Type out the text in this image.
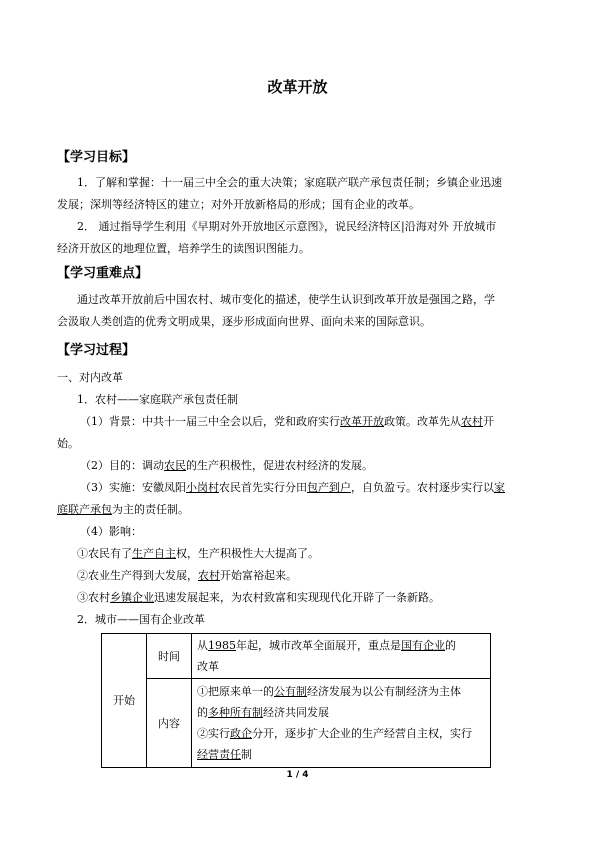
改革开放
【学习目标】
1．了解和掌握：十一届三中全会的重大决策；家庭联产联产承包责任制；乡镇企业迅速
发展；深圳等经济特区的建立；对外开放新格局的形成；国有企业的改革。
2． 通过指导学生利用《早期对外开放地区示意图》，说民经济特区|沿海对外 开放城市
经济开放区的地理位置，培养学生的读图识图能力。
【学习重难点】
通过改革开放前后中国农村、城市变化的描述，使学生认识到改革开放是强国之路，学
会汲取人类创造的优秀文明成果，逐步形成面向世界、面向未来的国际意识。
【学习过程】
一、对内改革
1．农村——家庭联产承包责任制
（1）背景：中共十一届三中全会以后，党和政府实行改革开放政策。改革先从农村开
始。
（2）目的：调动农民的生产积极性，促进农村经济的发展。
（3）实施：安徽凤阳小岗村农民首先实行分田包产到户，自负盈亏。农村逐步实行以家
庭联产承包为主的责任制。
（4）影响：
①农民有了生产自主权，生产积极性大大提高了。
②农业生产得到大发展，农村开始富裕起来。
③农村乡镇企业迅速发展起来，为农村致富和实现现代化开辟了一条新路。
2．城市——国有企业改革
开始	时间	从1985年起，城市改革全面展开，重点是国有企业的
改革

	内容	①把原来单一的公有制经济发展为以公有制经济为主体
的多种所有制经济共同发展
②实行政企分开，逐步扩大企业的生产经营自主权，实行
经营责任制
1 / 4
